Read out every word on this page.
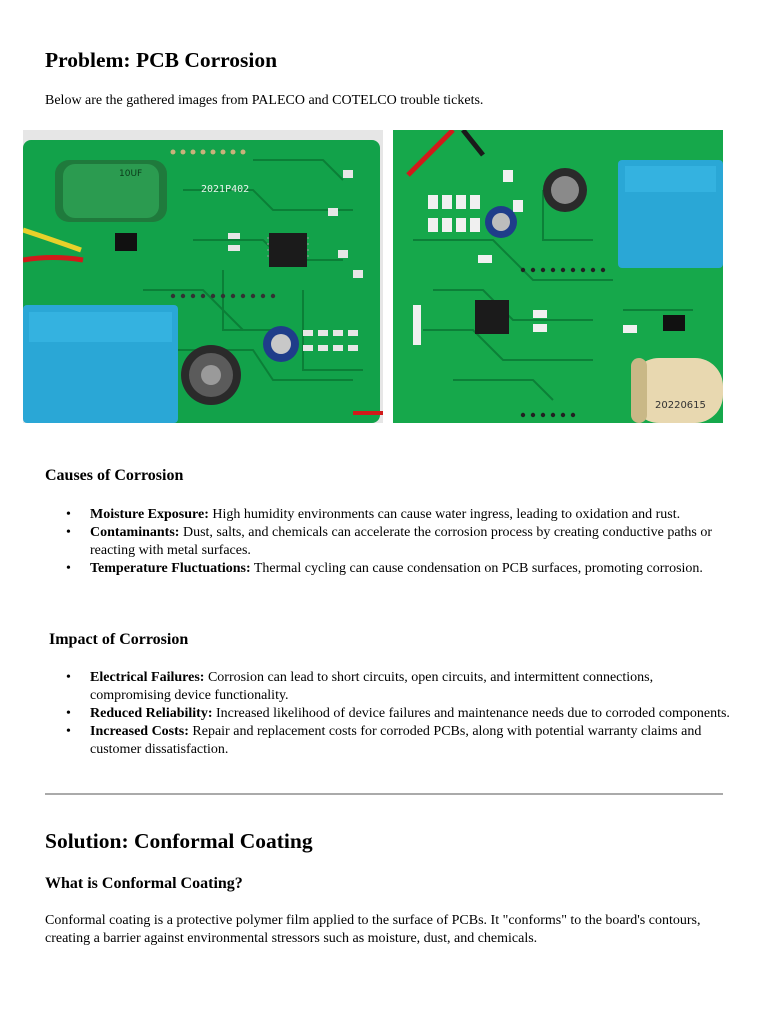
Problem: PCB Corrosion

Below are the gathered images from PALECO and COTELCO trouble tickets.

10UF
2021P402
20220615
Causes of Corrosion
• Moisture Exposure: High humidity environments can cause water ingress, leading to oxidation and rust.
• Contaminants: Dust, salts, and chemicals can accelerate the corrosion process by creating conductive paths or reacting with metal surfaces.
• Temperature Fluctuations: Thermal cycling can cause condensation on PCB surfaces, promoting corrosion.
Impact of Corrosion
• Electrical Failures: Corrosion can lead to short circuits, open circuits, and intermittent connections, compromising device functionality.
• Reduced Reliability: Increased likelihood of device failures and maintenance needs due to corroded components.
• Increased Costs: Repair and replacement costs for corroded PCBs, along with potential warranty claims and customer dissatisfaction.
Solution: Conformal Coating
What is Conformal Coating?

Conformal coating is a protective polymer film applied to the surface of PCBs. It "conforms" to the board's contours, creating a barrier against environmental stressors such as moisture, dust, and chemicals.
